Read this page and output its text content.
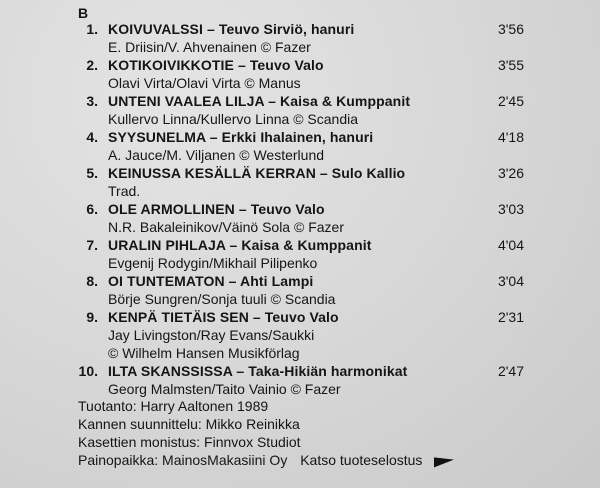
B
1. KOIVUVALSSI – Teuvo Sirviö, hanuri	3'56
E. Driisin/V. Ahvenainen © Fazer
2. KOTIKOIVIKKOTIE – Teuvo Valo	3'55
Olavi Virta/Olavi Virta © Manus
3. UNTENI VAALEA LILJA – Kaisa & Kumppanit	2'45
Kullervo Linna/Kullervo Linna © Scandia
4. SYYSUNELMA – Erkki Ihalainen, hanuri	4'18
A. Jauce/M. Viljanen © Westerlund
5. KEINUSSA KESÄLLÄ KERRAN – Sulo Kallio	3'26
Trad.
6. OLE ARMOLLINEN – Teuvo Valo	3'03
N.R. Bakaleinikov/Väinö Sola © Fazer
7. URALIN PIHLAJA – Kaisa & Kumppanit	4'04
Evgenij Rodygin/Mikhail Pilipenko
8. OI TUNTEMATON – Ahti Lampi	3'04
Börje Sungren/Sonja tuuli © Scandia
9. KENPÄ TIETÄIS SEN – Teuvo Valo	2'31
Jay Livingston/Ray Evans/Saukki
© Wilhelm Hansen Musikförlag
10. ILTA SKANSSISSA – Taka-Hikiän harmonikat	2'47
Georg Malmsten/Taito Vainio © Fazer
Tuotanto: Harry Aaltonen 1989
Kannen suunnittelu: Mikko Reinikka
Kasettien monistus: Finnvox Studiot
Painopaikka: MainosMakasiini Oy Katso tuoteselostus
